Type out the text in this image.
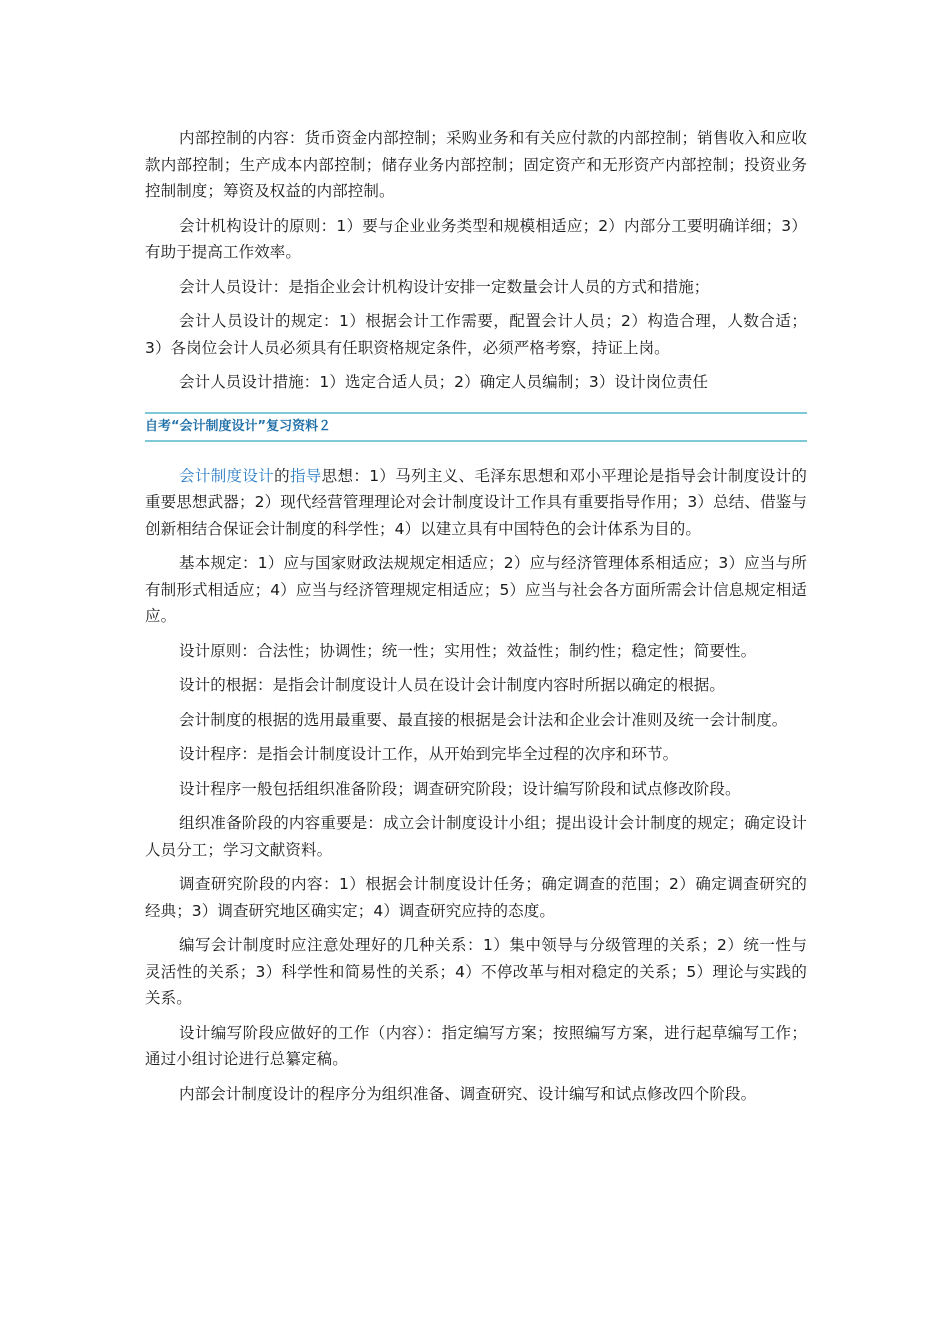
内部控制的内容：货币资金内部控制；采购业务和有关应付款的内部控制；销售收入和应收款内部控制；生产成本内部控制；储存业务内部控制；固定资产和无形资产内部控制；投资业务控制制度；筹资及权益的内部控制。

会计机构设计的原则：1）要与企业业务类型和规模相适应；2）内部分工要明确详细；3）有助于提高工作效率。

会计人员设计：是指企业会计机构设计安排一定数量会计人员的方式和措施；

会计人员设计的规定：1）根据会计工作需要，配置会计人员；2）构造合理，人数合适；3）各岗位会计人员必须具有任职资格规定条件，必须严格考察，持证上岗。

会计人员设计措施：1）选定合适人员；2）确定人员编制；3）设计岗位责任

自考“会计制度设计”复习资料２

会计制度设计的指导思想：1）马列主义、毛泽东思想和邓小平理论是指导会计制度设计的重要思想武器；2）现代经营管理理论对会计制度设计工作具有重要指导作用；3）总结、借鉴与创新相结合保证会计制度的科学性；4）以建立具有中国特色的会计体系为目的。

基本规定：1）应与国家财政法规规定相适应；2）应与经济管理体系相适应；3）应当与所有制形式相适应；4）应当与经济管理规定相适应；5）应当与社会各方面所需会计信息规定相适应。

设计原则：合法性；协调性；统一性；实用性；效益性；制约性；稳定性；简要性。

设计的根据：是指会计制度设计人员在设计会计制度内容时所据以确定的根据。

会计制度的根据的选用最重要、最直接的根据是会计法和企业会计准则及统一会计制度。

设计程序：是指会计制度设计工作，从开始到完毕全过程的次序和环节。

设计程序一般包括组织准备阶段；调查研究阶段；设计编写阶段和试点修改阶段。

组织准备阶段的内容重要是：成立会计制度设计小组；提出设计会计制度的规定；确定设计人员分工；学习文献资料。

调查研究阶段的内容：1）根据会计制度设计任务；确定调查的范围；2）确定调查研究的经典；3）调查研究地区确实定；4）调查研究应持的态度。

编写会计制度时应注意处理好的几种关系：1）集中领导与分级管理的关系；2）统一性与灵活性的关系；3）科学性和简易性的关系；4）不停改革与相对稳定的关系；5）理论与实践的关系。

设计编写阶段应做好的工作（内容）：指定编写方案；按照编写方案，进行起草编写工作；通过小组讨论进行总纂定稿。

内部会计制度设计的程序分为组织准备、调查研究、设计编写和试点修改四个阶段。
